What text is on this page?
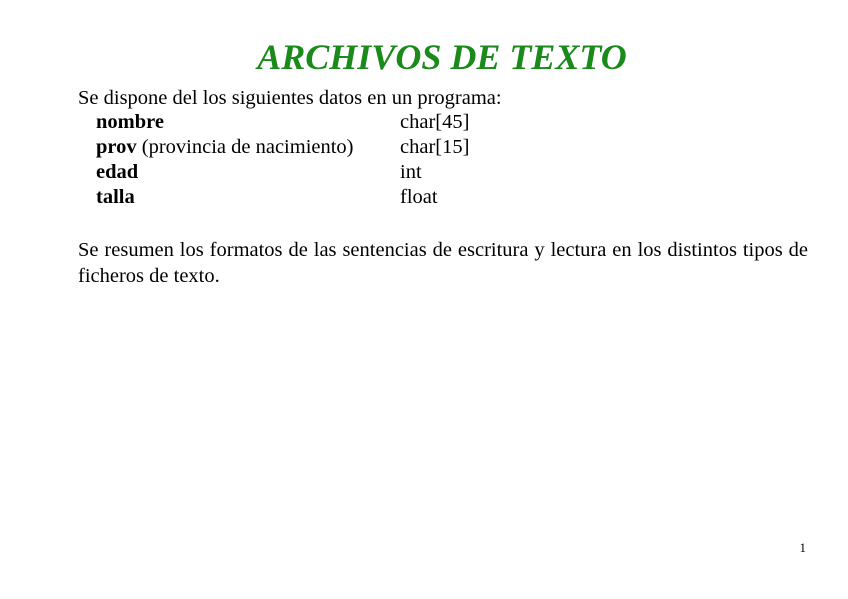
ARCHIVOS DE TEXTO
Se dispone del los siguientes datos en un programa:
nombre	char[45]
prov (provincia de nacimiento) char[15]
edad	int
talla	float
Se resumen los formatos de las sentencias de escritura y lectura en los distintos tipos de ficheros de texto.
1
